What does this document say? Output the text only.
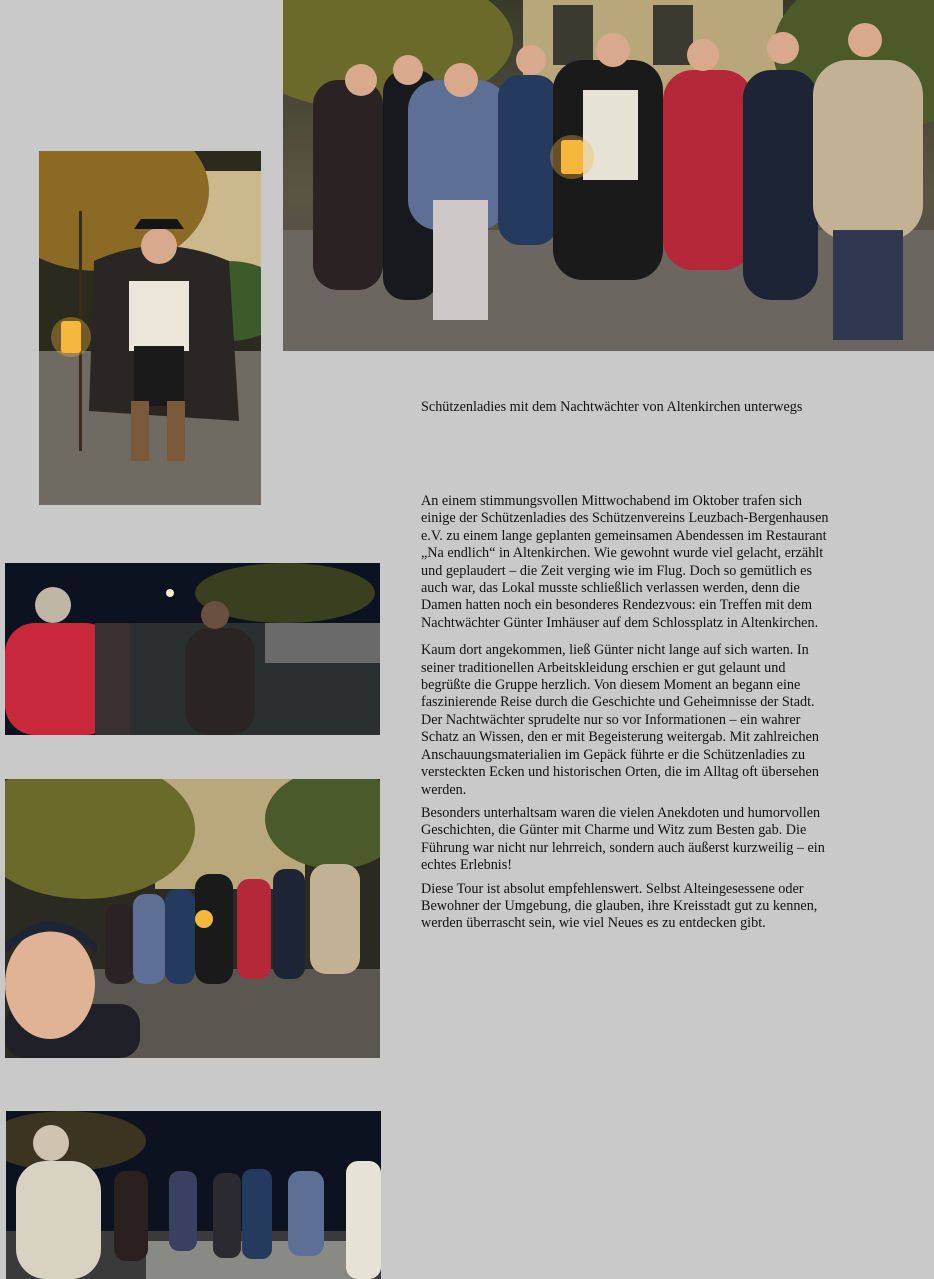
Schützenladies mit dem Nachtwächter von Altenkirchen unterwegs

An einem stimmungsvollen Mittwochabend im Oktober trafen sich einige der Schützenladies des Schützenvereins Leuzbach-Bergenhausen e.V. zu einem lange geplanten gemeinsamen Abendessen im Restaurant „Na endlich“ in Altenkirchen. Wie gewohnt wurde viel gelacht, erzählt und geplaudert – die Zeit verging wie im Flug. Doch so gemütlich es auch war, das Lokal musste schließlich verlassen werden, denn die Damen hatten noch ein besonderes Rendezvous: ein Treffen mit dem Nachtwächter Günter Imhäuser auf dem Schlossplatz in Altenkirchen.

Kaum dort angekommen, ließ Günter nicht lange auf sich warten. In seiner traditionellen Arbeitskleidung erschien er gut gelaunt und begrüßte die Gruppe herzlich. Von diesem Moment an begann eine faszinierende Reise durch die Geschichte und Geheimnisse der Stadt. Der Nachtwächter sprudelte nur so vor Informationen – ein wahrer Schatz an Wissen, den er mit Begeisterung weitergab. Mit zahlreichen Anschauungsmaterialien im Gepäck führte er die Schützenladies zu versteckten Ecken und historischen Orten, die im Alltag oft übersehen werden.

Besonders unterhaltsam waren die vielen Anekdoten und humorvollen Geschichten, die Günter mit Charme und Witz zum Besten gab. Die Führung war nicht nur lehrreich, sondern auch äußerst kurzweilig – ein echtes Erlebnis!

Diese Tour ist absolut empfehlenswert. Selbst Alteingesessene oder Bewohner der Umgebung, die glauben, ihre Kreisstadt gut zu kennen, werden überrascht sein, wie viel Neues es zu entdecken gibt.
